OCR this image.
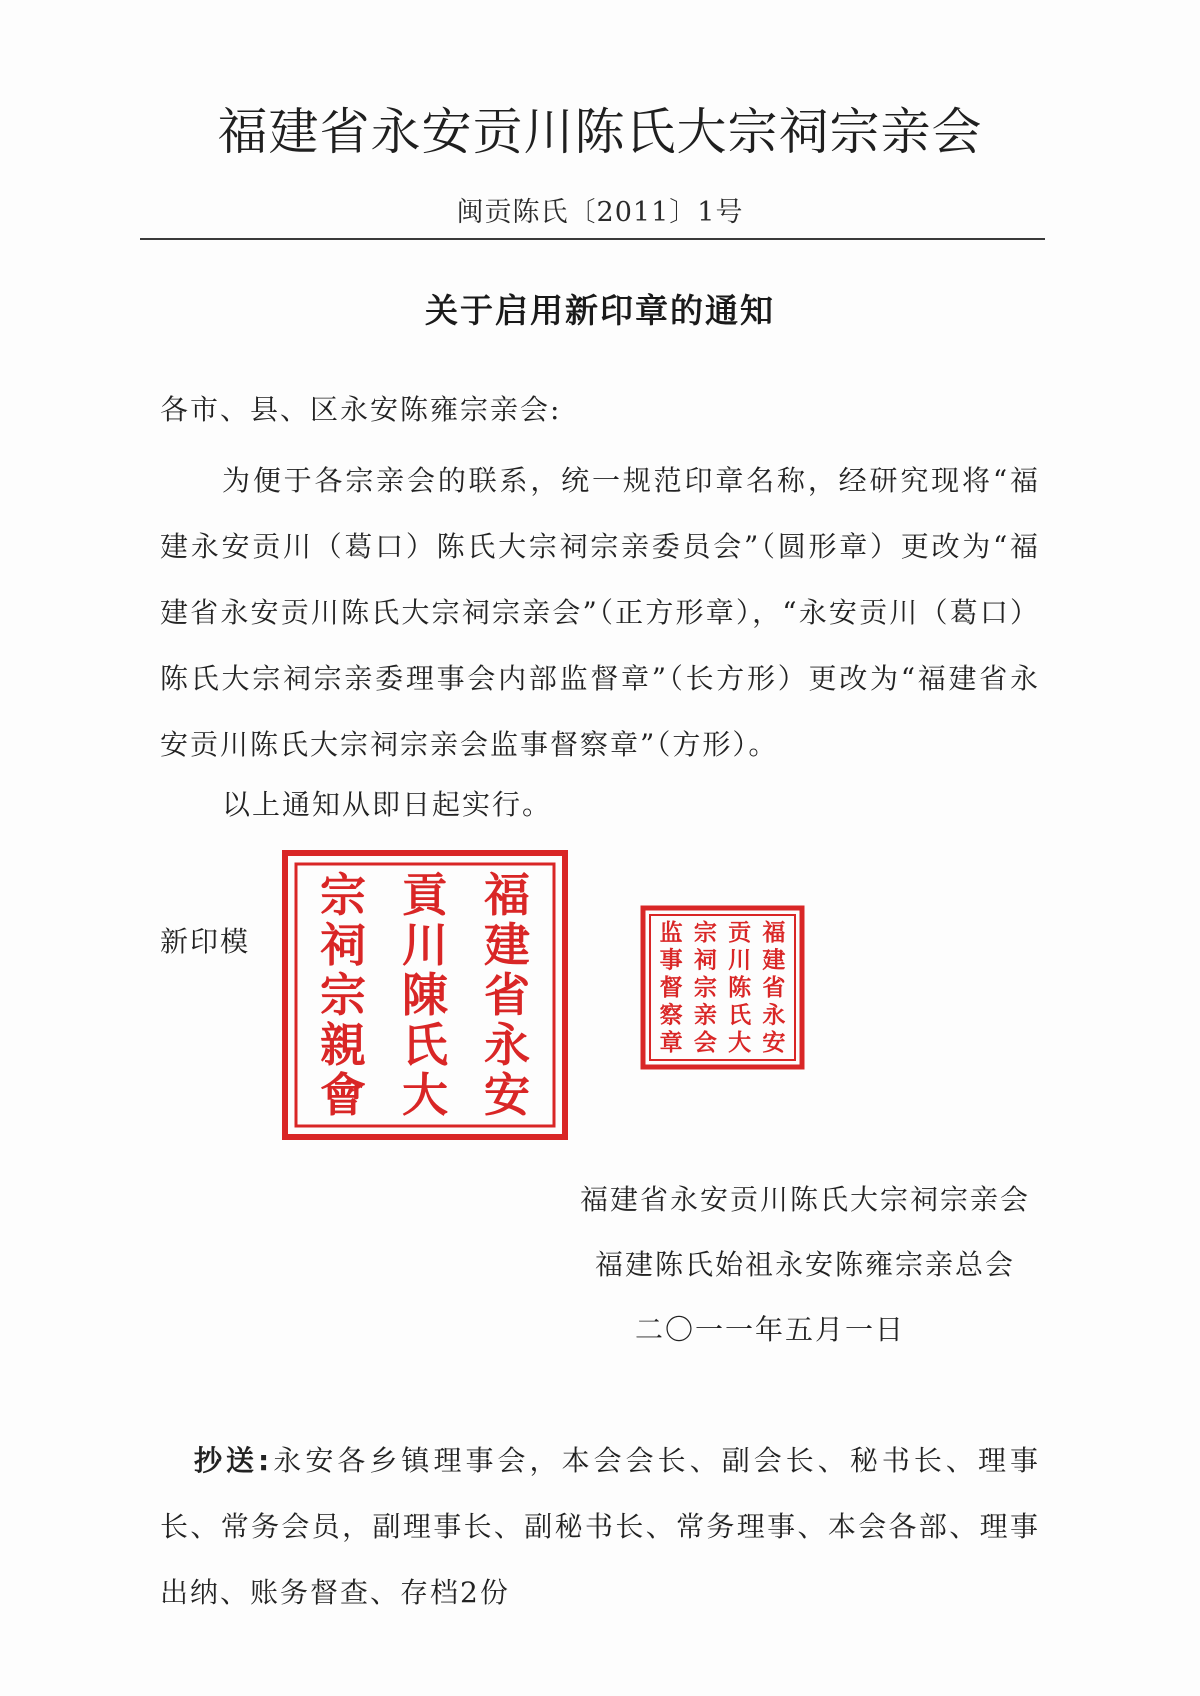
福建省永安贡川陈氏大宗祠宗亲会
闽贡陈氏〔2011〕1号
关于启用新印章的通知
各市、县、区永安陈雍宗亲会:
为便于各宗亲会的联系，统一规范印章名称，经研究现将“福建永安贡川（葛口）陈氏大宗祠宗亲委员会”（圆形章）更改为“福建省永安贡川陈氏大宗祠宗亲会”（正方形章），“永安贡川（葛口）陈氏大宗祠宗亲委理事会内部监督章”（长方形）更改为“福建省永安贡川陈氏大宗祠宗亲会监事督察章”（方形）。
以上通知从即日起实行。
新印模
福
建
省
永
安
貢
川
陳
氏
大
宗
祠
宗
親
會
福
建
省
永
安
贡
川
陈
氏
大
宗
祠
宗
亲
会
监
事
督
察
章
福建省永安贡川陈氏大宗祠宗亲会
福建陈氏始祖永安陈雍宗亲总会
二〇一一年五月一日
抄送:永安各乡镇理事会，本会会长、副会长、秘书长、理事长、常务会员，副理事长、副秘书长、常务理事、本会各部、理事出纳、账务督查、存档2份
